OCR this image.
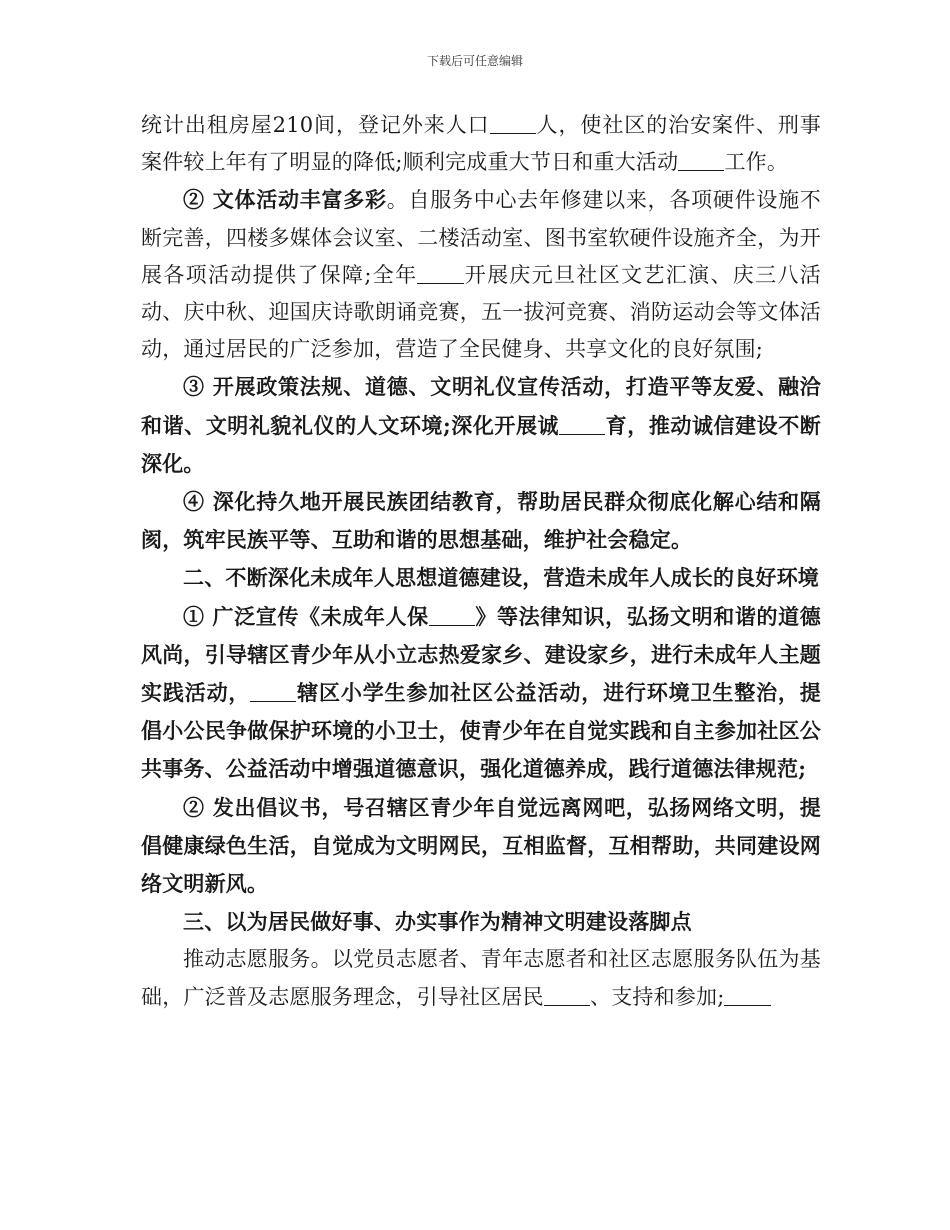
下载后可任意编辑

统计出租房屋210间，登记外来人口 人，使社区的治安案件、刑事案件较上年有了明显的降低;顺利完成重大节日和重大活动 工作。

② 文体活动丰富多彩。自服务中心去年修建以来，各项硬件设施不断完善，四楼多媒体会议室、二楼活动室、图书室软硬件设施齐全，为开展各项活动提供了保障;全年 开展庆元旦社区文艺汇演、庆三八活动、庆中秋、迎国庆诗歌朗诵竞赛，五一拔河竞赛、消防运动会等文体活动，通过居民的广泛参加，营造了全民健身、共享文化的良好氛围;

③ 开展政策法规、道德、文明礼仪宣传活动，打造平等友爱、融洽和谐、文明礼貌礼仪的人文环境;深化开展诚 育，推动诚信建设不断深化。

④ 深化持久地开展民族团结教育，帮助居民群众彻底化解心结和隔阂，筑牢民族平等、互助和谐的思想基础，维护社会稳定。

二、不断深化未成年人思想道德建设，营造未成年人成长的良好环境

① 广泛宣传《未成年人保 》等法律知识，弘扬文明和谐的道德风尚，引导辖区青少年从小立志热爱家乡、建设家乡，进行未成年人主题实践活动， 辖区小学生参加社区公益活动，进行环境卫生整治，提倡小公民争做保护环境的小卫士，使青少年在自觉实践和自主参加社区公共事务、公益活动中增强道德意识，强化道德养成，践行道德法律规范;

② 发出倡议书，号召辖区青少年自觉远离网吧，弘扬网络文明，提倡健康绿色生活，自觉成为文明网民，互相监督，互相帮助，共同建设网络文明新风。

三、以为居民做好事、办实事作为精神文明建设落脚点

推动志愿服务。以党员志愿者、青年志愿者和社区志愿服务队伍为基础，广泛普及志愿服务理念，引导社区居民 、支持和参加;
